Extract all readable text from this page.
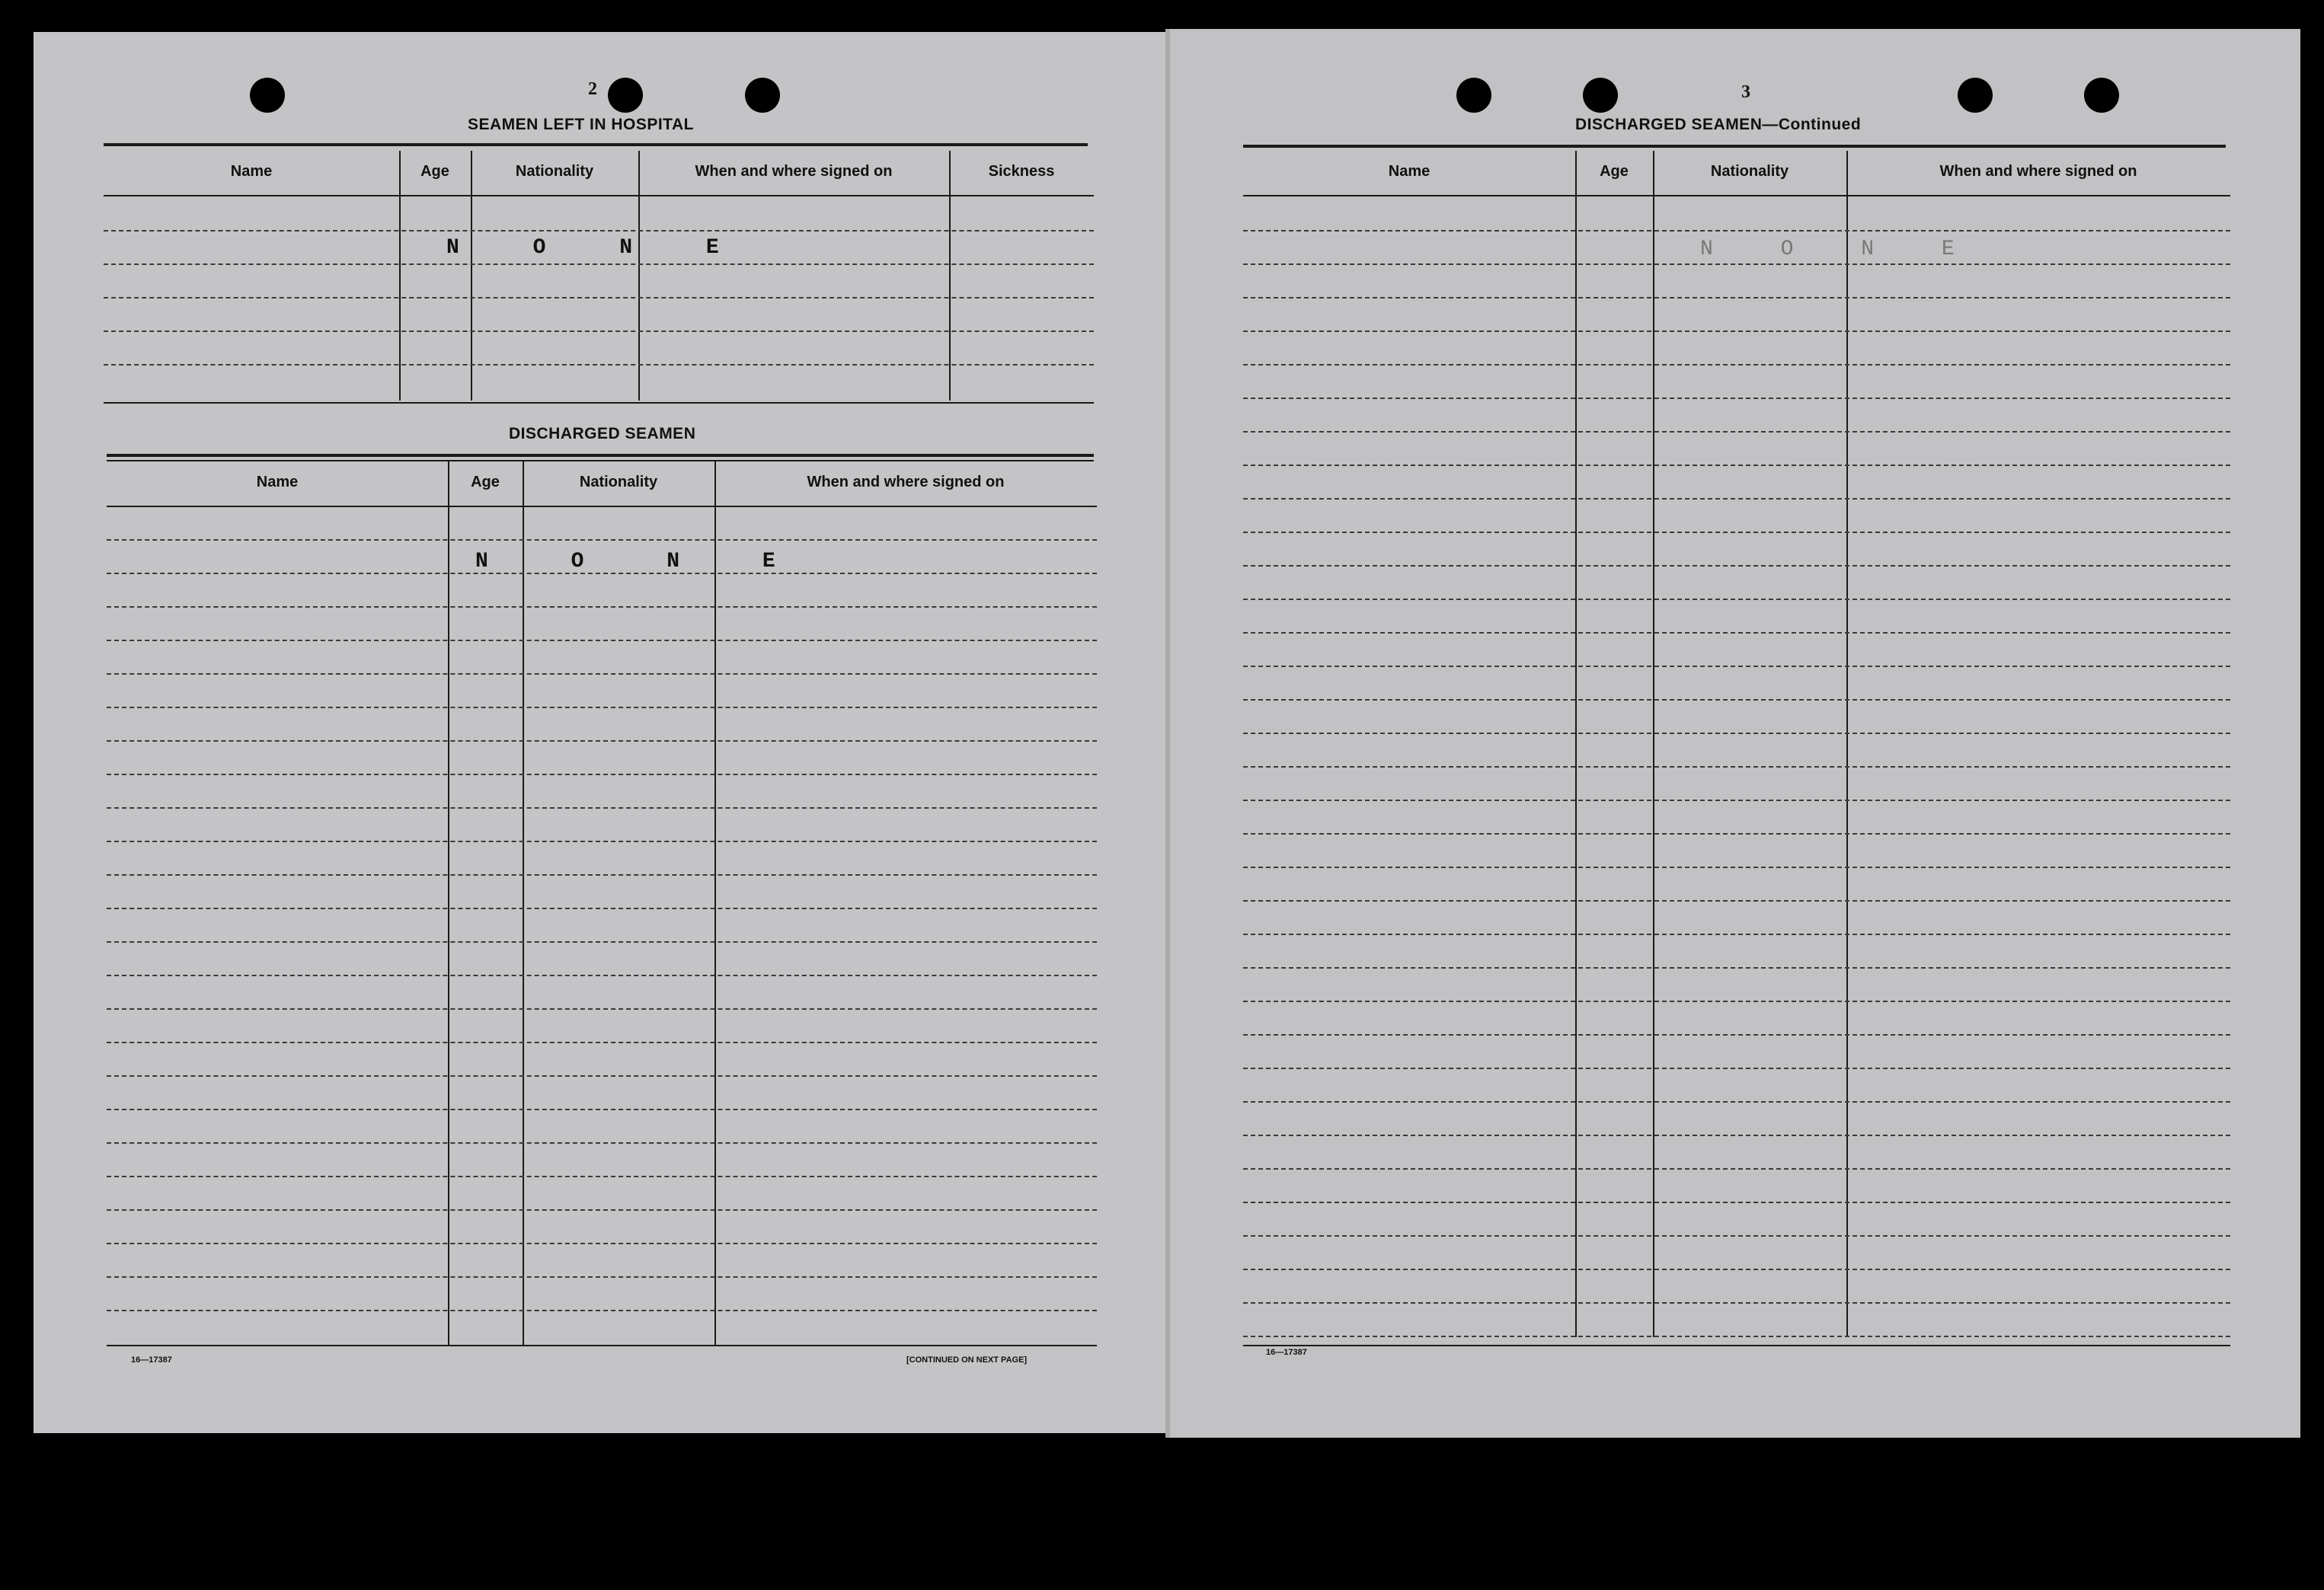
2
SEAMEN LEFT IN HOSPITAL
Name	Age	Nationality	When and where signed on	Sickness
N O N E
DISCHARGED SEAMEN
Name	Age	Nationality	When and where signed on
N O N E
16—17387	[CONTINUED ON NEXT PAGE]
3
DISCHARGED SEAMEN—Continued
Name	Age	Nationality	When and where signed on
N O N E
16—17387
